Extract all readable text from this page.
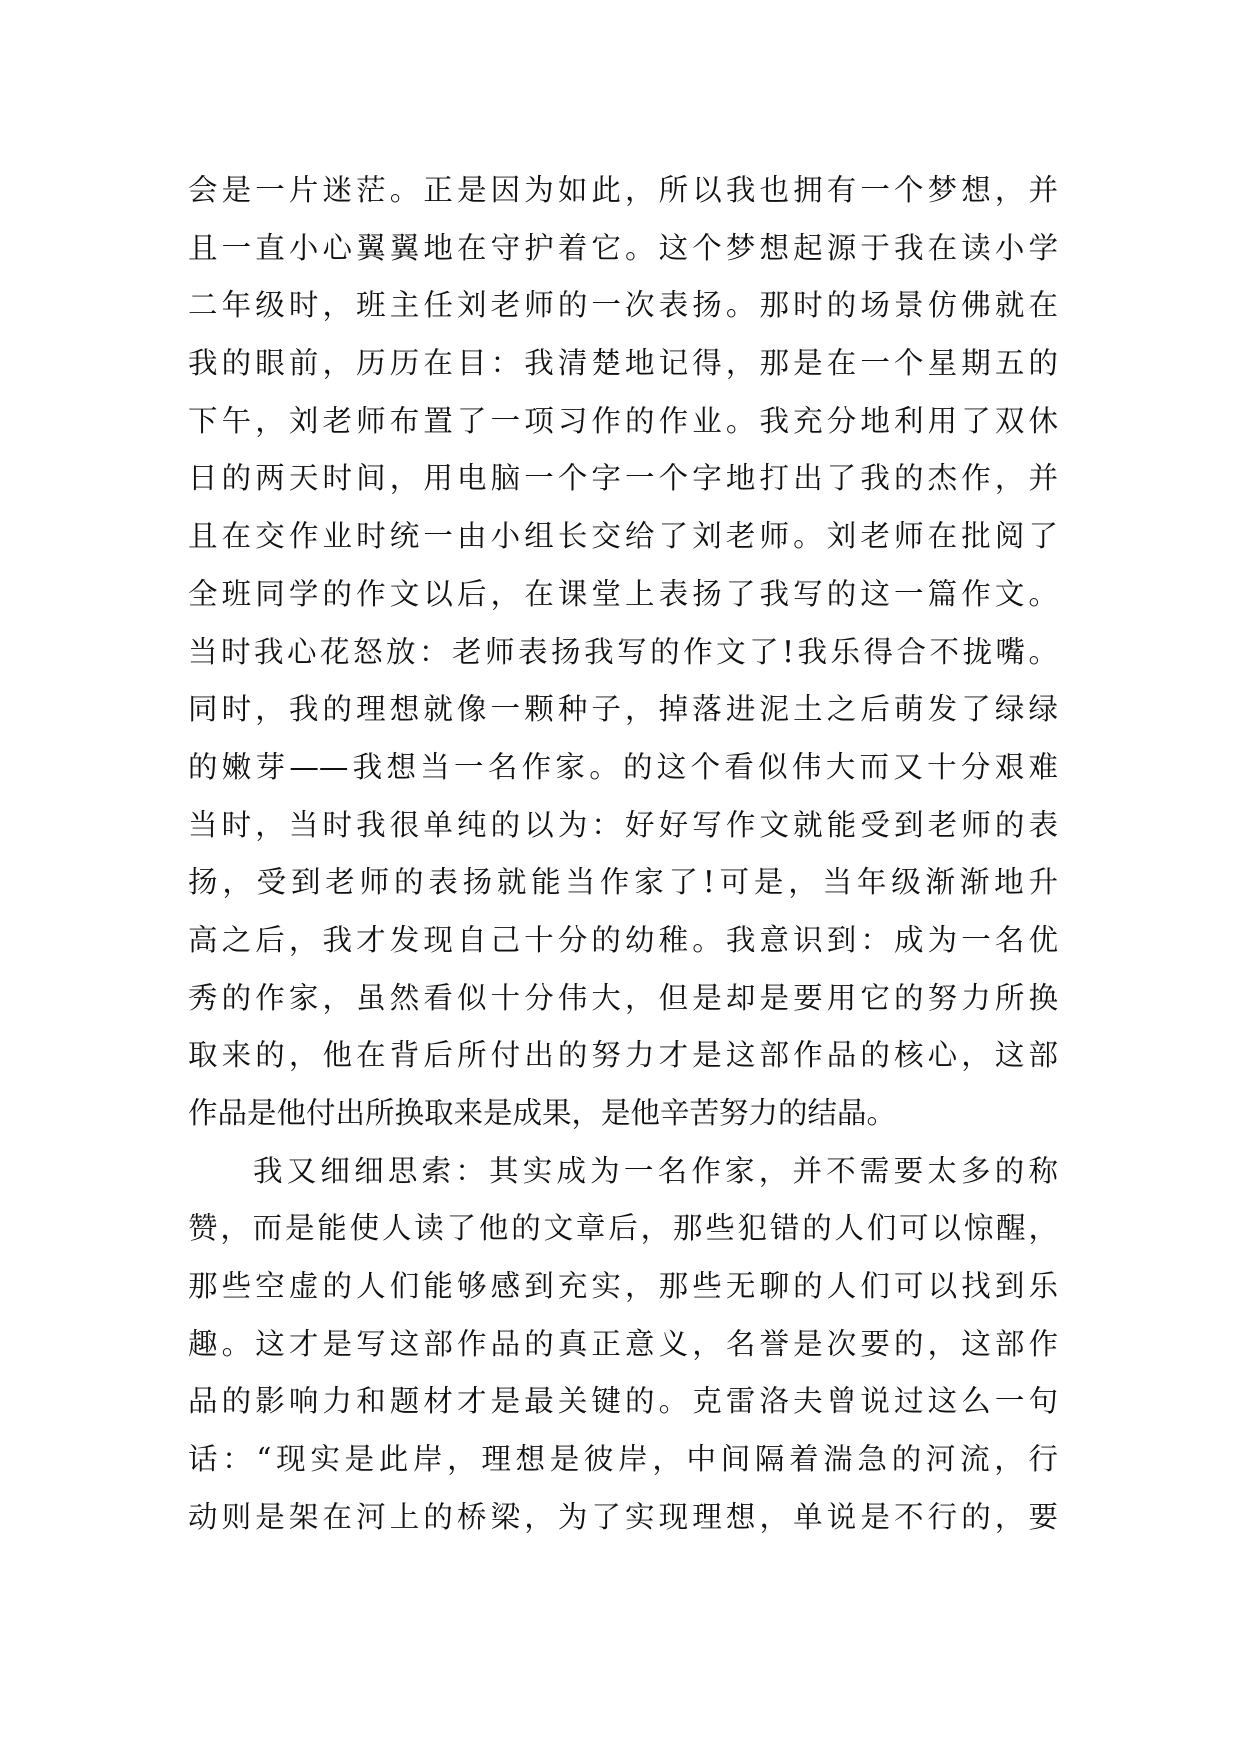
会是一片迷茫。正是因为如此，所以我也拥有一个梦想，并
且一直小心翼翼地在守护着它。这个梦想起源于我在读小学
二年级时，班主任刘老师的一次表扬。那时的场景仿佛就在
我的眼前，历历在目：我清楚地记得，那是在一个星期五的
下午，刘老师布置了一项习作的作业。我充分地利用了双休
日的两天时间，用电脑一个字一个字地打出了我的杰作，并
且在交作业时统一由小组长交给了刘老师。刘老师在批阅了
全班同学的作文以后，在课堂上表扬了我写的这一篇作文。
当时我心花怒放：老师表扬我写的作文了!我乐得合不拢嘴。
同时，我的理想就像一颗种子，掉落进泥土之后萌发了绿绿
的嫩芽——我想当一名作家。的这个看似伟大而又十分艰难
当时，当时我很单纯的以为：好好写作文就能受到老师的表
扬，受到老师的表扬就能当作家了!可是，当年级渐渐地升
高之后，我才发现自己十分的幼稚。我意识到：成为一名优
秀的作家，虽然看似十分伟大，但是却是要用它的努力所换
取来的，他在背后所付出的努力才是这部作品的核心，这部
作品是他付出所换取来是成果，是他辛苦努力的结晶。
我又细细思索：其实成为一名作家，并不需要太多的称
赞，而是能使人读了他的文章后，那些犯错的人们可以惊醒，
那些空虚的人们能够感到充实，那些无聊的人们可以找到乐
趣。这才是写这部作品的真正意义，名誉是次要的，这部作
品的影响力和题材才是最关键的。克雷洛夫曾说过这么一句
话：“现实是此岸，理想是彼岸，中间隔着湍急的河流，行
动则是架在河上的桥梁，为了实现理想，单说是不行的，要
